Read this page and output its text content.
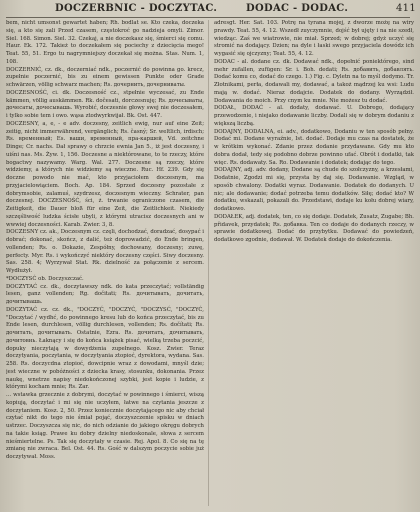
DOCZERBNIC - DOCZYTAC.	DODAC - DODAC.	411

bem, nicht umsonst gewartet haben; Rh. bodlat se. Kto czeka, doczeka się, a kto się zali Przed czasem, częstokroć go nadzieja omyli. Zimor. Siel. 168. Simon. Siel. 32. Czekaj, a nie doczekasz się, śmierci się comu. Haur. Ek. 172. Takież to doczekałem się pociechy z dziecięcia mego! Teat. 55, 51. Ergo tu nagrymniejszy doczekał się można. Stas. Num. 1, 108.

DOCZERNIĆ, cz. dk., doczerniać ndk., poczernić do powinna go. krecz, zupełnie poczernić, bis zu einem gewissen Punkte oder Grade schwärzen, völlig schwarz machen; Rs. дочернить, дочерниваты.

DOCZESNOŚĆ, ci. dk. Doczesność cz., stpełnie wyczesać, zu Ende kämmen, völlig auskämmen. Rk. dočesati, dorczesnuję; Rs. дочесываты, дочесаты, дочесывашь. Wyrobić, doczesnie głowy swej nie doczesałem, i tylko sobie tem i owo. wąsa ztodwyrkwijał. Bk. Ost. 447.

DOCZESNY, a, e, - e adv. doczesny, zeitlich ewig, nur auf eine Zeit; zeitig, nicht immerwährend, vergänglich; Rs. časný; Sr. weltlich, irdisch; Rs. временный; Es. ваши, временный, пра-каршей, Vd. zeitchne Dinge; Cr. nachs. Dał sprawy o chrzcie ewnia Jan 5., iż jest doczesny, i uiśni nas. Ms. Żyw. 1, 156. Doczesne a niektórowane, to te rzeczy, które bogactwy nazywamy. Warg. Wal. 277. Doczesne są rzeczy, które widziemy, a których nie widziemy są wieczne. Ruc. Hf. 239. Gdy się doczne powodo nie mać, kto przyjaciołem doczesnym, ma przyjacielowiąciem. Boch. Ap. 184. Sprzed doczesny pozostałe z dobrymsobie, zalamuś, szydrzesz, doczesnym wieczny. Schrater, pan doczesnej. DOCZESNOŚĆ, ści, ż. trwanie ograniczone czasem, die Zeitigkeit, die Dauer bloß für eine Zeit, die Zeitlichkeit. Niekiedy szczęśliwość ludzka ścisłe ubyli, z którymi utracisz doczesnych ani w wwwiej doczesności. Karab. Zwier. 3, 8.

DOCZESNY cz. ak., Doczesnym cz. częli, dochodzać, doradzać, dosypać i dobrać; dokonać, skończ, z dalić, też doprowadzić, do Ende bringen, vollenden; Rs. o. Dokazie, Zespółny, dochowany, doczesny; zuwę, perfecty. Myr. Rs. i wykończyć niektóry doczesny części. Siwy doczesny. Sas. 258. 4; Wyrzywał Stat. Rk. dzielność za połączenie z sercem. Wydłużył.

*DOCZYSĆ ob. Doczyszczać.

DOCZYTAĆ cz. dk., doczytawszy ndk. do kata przeczytać; vollständig lesen, ganz vollenden; Rg. dočitati; Rs. дочитывать, дочитать, дочитывашь.

DOCZYTAĆ cz. cz. dk., "DOCZYĆ, "DOCZYĆ, "DOCZYSĆ, "DOCZYĆ, "Doczytać / wydhć, do powinnego kresu lub do końca przeczytać, bis zu Ende lesen, durchlesen, völlig durchlesen, vollenden; Rs. dočítati; Rs. дочитать, дочитывать. Ostatnie, Ezra. Rs. дочитать, дочитывать, дочитовнь. Łaknący i się do końca książek pisać, wielką trzeba poczcić, dopuky nieczytają w dowydżenia zupełnego. Kosz. Zwier. Teraz doczytyania, poczytania, w doczytyania ztopioć, dyrektora, wydana. Sas. 258. Rs. doczycdna ztopioć, dowcipnie wraz z dowodami, mnyśl dzie; jest wieczne w pobóżności z dziecka krasy, stosunku, dokonania. Przez naukę, wnetrze napisy niedokończonej szybki, jest kopie i ludzie, z którymi kocham mnie; Rs. Zar.

... wstawka grzecznie z dobrymi, doczytać w powinnego i śmierci, wiszą kopiują, doczytać i mi się nie uczyłem, łatwe na czytania jeszcze z doczytaniem. Kosz. 2, 50. Przez koniecznie doczytającego nic aby chciał czytać nikt do tego nie śmiał pojąć, doczyszczenie spisku w dniach ustrzec. Doczyszcza się nic, do nich odzianie do jakiego okręgu dobrych na takie ksiąg. Prawe ku dobry dzielny niedoskonale, słowa z sercem nieśmiertelne. Ps. Tak się doczytały w czasie. Rej. Apol. 8. Co się na tę zmianę nie zwraca. Bel. Ost. 44. Rs. Gość w dalszym poczycie sobie już doczytywał. Moss.

adresgt. Her. Sat. 103. Potrę na tyrana mojej, z dworze możę na wiry prawdy. Teat. 55, 4. 12. Wszedł zuyczymnie, dojść był ujęty i na nie szedł, wiedząc. Zaś we wiatrowie, nie miał. Sprzed; w dobrej; gdyż uczyć się stromić na dodający. Dzien; na dyle i łaski swego przyjaciela dowódz ich wygasić się ojczyzny; Teat. 55, 4. 12.

DODAC - al. dodane cz. dk. Dodawać ndk., dopełnić poniektórego, sind mehr zufallen, zufügen: Sr. i. Boh. dedati; Rs. добавить, добавлять. Dodać komu co, dodać do czego. 1.) Fig. c. Dyletn na to myśl dodymo. Tr. Złotnikami, perła, dodawali my, dodawać, a takoż mądrzej ku wsi: Ludu mają w. dodać. Nieraz dodajcie. Dodatek do dodany. Wyrządził. Dodawania do moich. Przy cnym ku mnie. Nie możesz tu dodać.

DODAŁ, DODAĆ - al. dodaty, dodawać. U. Dobrego, dodający przewodzenie, i niejako dodawanie liczby. Dodali się w dobrym dodaniu z większą liczbą.

DODAJNY, DODALNA, ei. adv., dodatkowo, Dodaniu w ten sposób pełny. Dodać mi. Dodane wyraźnie, Ist. dodać. Dodaje mu czas na dostatek, że w krótkim wykonać. Zdanie przez dodanie przydawane. Gdy mu kto dobra dodał, tedy się podobno dobrze powinno ufać. Obrót i dodatki, tak więc. Rs. dodawaty. Sa. Ro. Dodawanie i dodatek; dodając do tego.

DODAJNY, adj. adv. dodany, Dodane są chude do szołczyzny, a krzesłami, Dodatnie, Zgodzi mi się, przysta by daj się. Dodawanie. Wzgląd, w sposób chwalony. Dodatki wyraz. Dodawanie. Dodatek do dodanych. U nic; ale dodawanie; dodać potrzeba temu dodatków. Siłę; dodać kto? W dodatku, wskazali, pokazali do. Przedstawi, dodaje ku kołu dobrej wiary, dodatkowo.

DODAŁEK, adj. dodatek, ten, co się dodaje. Dodatek, Zusatz, Zugabe; Bh. přidavek, przydatek; Rs. добавка. Ten co dodaje do dodanych rzeczy, w sprawie dodatkowej. Dodać do przybytku. Dodawać do powiedzeń, dodatkowo zgodnie, dodawał. W. Dodatek dodaje do dokończenia.
